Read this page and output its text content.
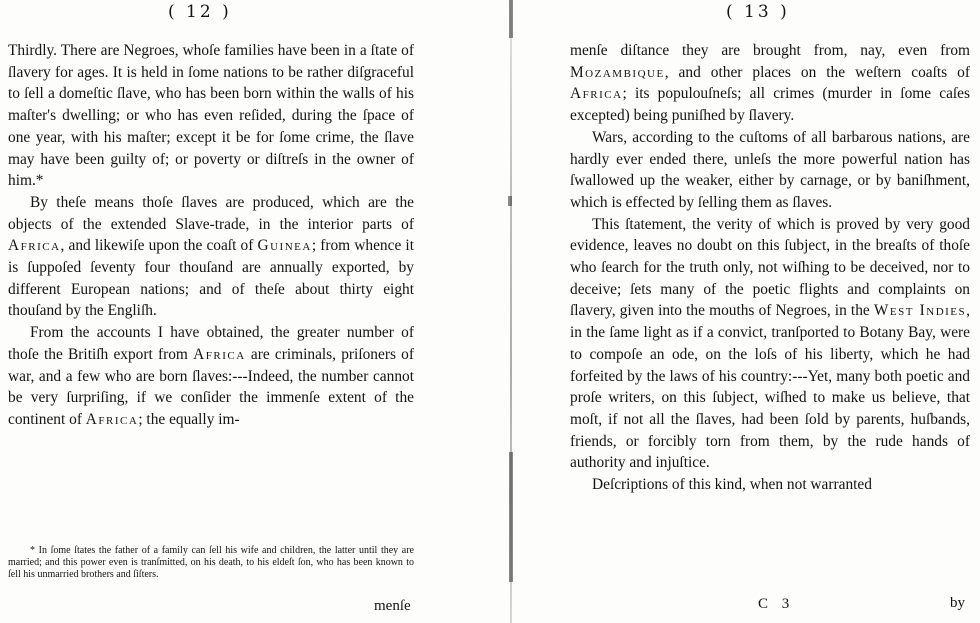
( 12 )

Thirdly. There are Negroes, whoſe families have been in a ſtate of ſlavery for ages. It is held in ſome nations to be rather diſgraceful to ſell a domeſtic ſlave, who has been born within the walls of his maſter's dwelling; or who has even reſided, during the ſpace of one year, with his maſter; except it be for ſome crime, the ſlave may have been guilty of; or poverty or diſtreſs in the owner of him.*

By theſe means thoſe ſlaves are produced, which are the objects of the extended Slave-trade, in the interior parts of Africa, and likewiſe upon the coaſt of Guinea; from whence it is ſuppoſed ſeventy four thouſand are annually exported, by different European nations; and of theſe about thirty eight thouſand by the Engliſh.

From the accounts I have obtained, the greater number of thoſe the Britiſh export from Africa are criminals, priſoners of war, and a few who are born ſlaves:---Indeed, the number cannot be very ſurpriſing, if we conſider the immenſe extent of the continent of Africa; the equally im-

* In ſome ſtates the father of a family can ſell his wife and children, the latter until they are married; and this power even is tranſmitted, on his death, to his eldeſt ſon, who has been known to ſell his unmarried brothers and ſiſters.

menſe
( 13 )

menſe diſtance they are brought from, nay, even from Mozambique, and other places on the weſtern coaſts of Africa; its populouſneſs; all crimes (murder in ſome caſes excepted) being puniſhed by ſlavery.

Wars, according to the cuſtoms of all barbarous nations, are hardly ever ended there, unleſs the more powerful nation has ſwallowed up the weaker, either by carnage, or by baniſhment, which is effected by ſelling them as ſlaves.

This ſtatement, the verity of which is proved by very good evidence, leaves no doubt on this ſubject, in the breaſts of thoſe who ſearch for the truth only, not wiſhing to be deceived, nor to deceive; ſets many of the poetic flights and complaints on ſlavery, given into the mouths of Negroes, in the West Indies, in the ſame light as if a convict, tranſported to Botany Bay, were to compoſe an ode, on the loſs of his liberty, which he had forfeited by the laws of his country:---Yet, many both poetic and proſe writers, on this ſubject, wiſhed to make us believe, that moſt, if not all the ſlaves, had been ſold by parents, huſbands, friends, or forcibly torn from them, by the rude hands of authority and injuſtice.

Deſcriptions of this kind, when not warranted

C 3	by
